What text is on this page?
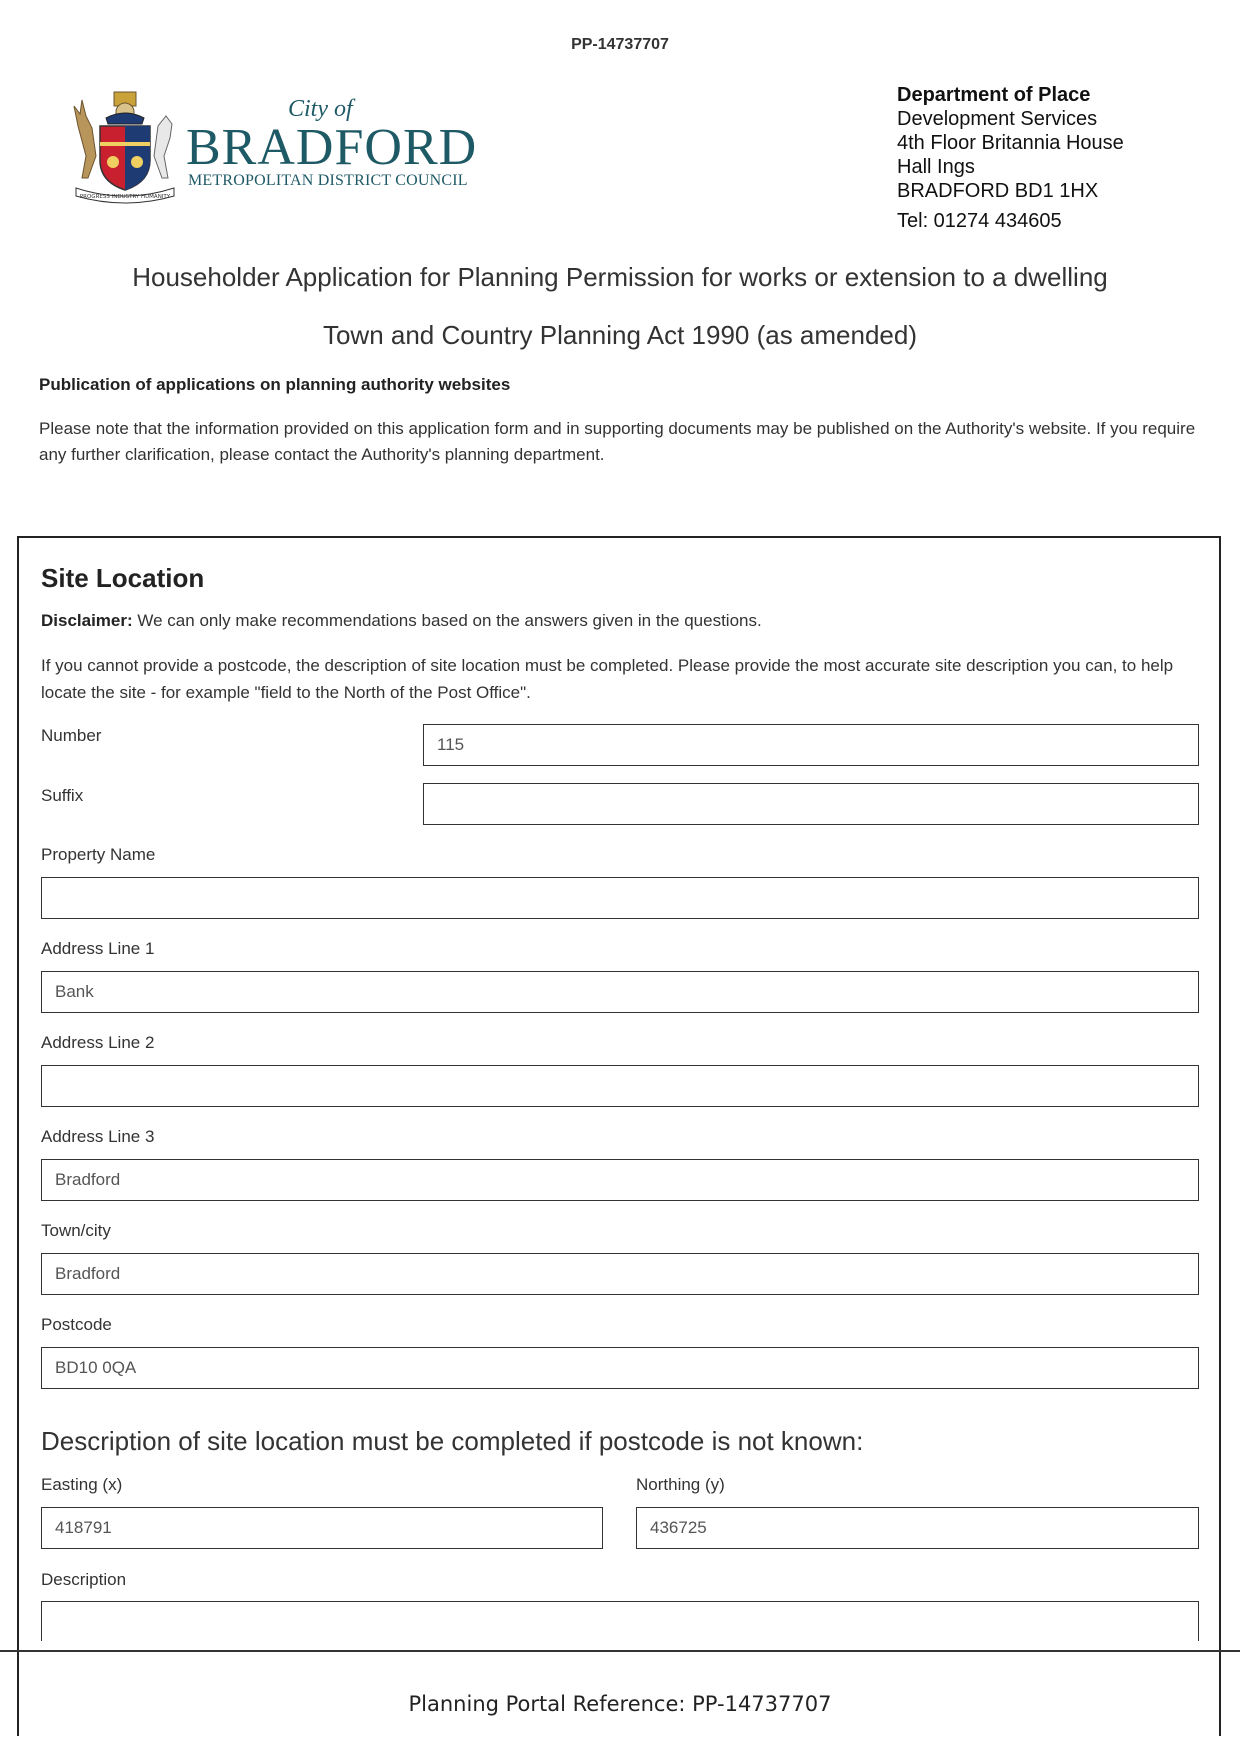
PP-14737707
PROGRESS INDUSTRY HUMANITY
City of
BRADFORD
METROPOLITAN DISTRICT COUNCIL
Department of Place
Development Services
4th Floor Britannia House
Hall Ings
BRADFORD BD1 1HX
Tel: 01274 434605
Householder Application for Planning Permission for works or extension to a dwelling
Town and Country Planning Act 1990 (as amended)
Publication of applications on planning authority websites
Please note that the information provided on this application form and in supporting documents may be published on the Authority's website. If you require any further clarification, please contact the Authority's planning department.
Site Location
Disclaimer: We can only make recommendations based on the answers given in the questions.
If you cannot provide a postcode, the description of site location must be completed. Please provide the most accurate site description you can, to help locate the site - for example "field to the North of the Post Office".
Number	115
Suffix
Property Name
Address Line 1
Bank
Address Line 2
Address Line 3
Bradford
Town/city
Bradford
Postcode
BD10 0QA
Description of site location must be completed if postcode is not known:
Easting (x)
418791
Northing (y)
436725
Description
Planning Portal Reference: PP-14737707
